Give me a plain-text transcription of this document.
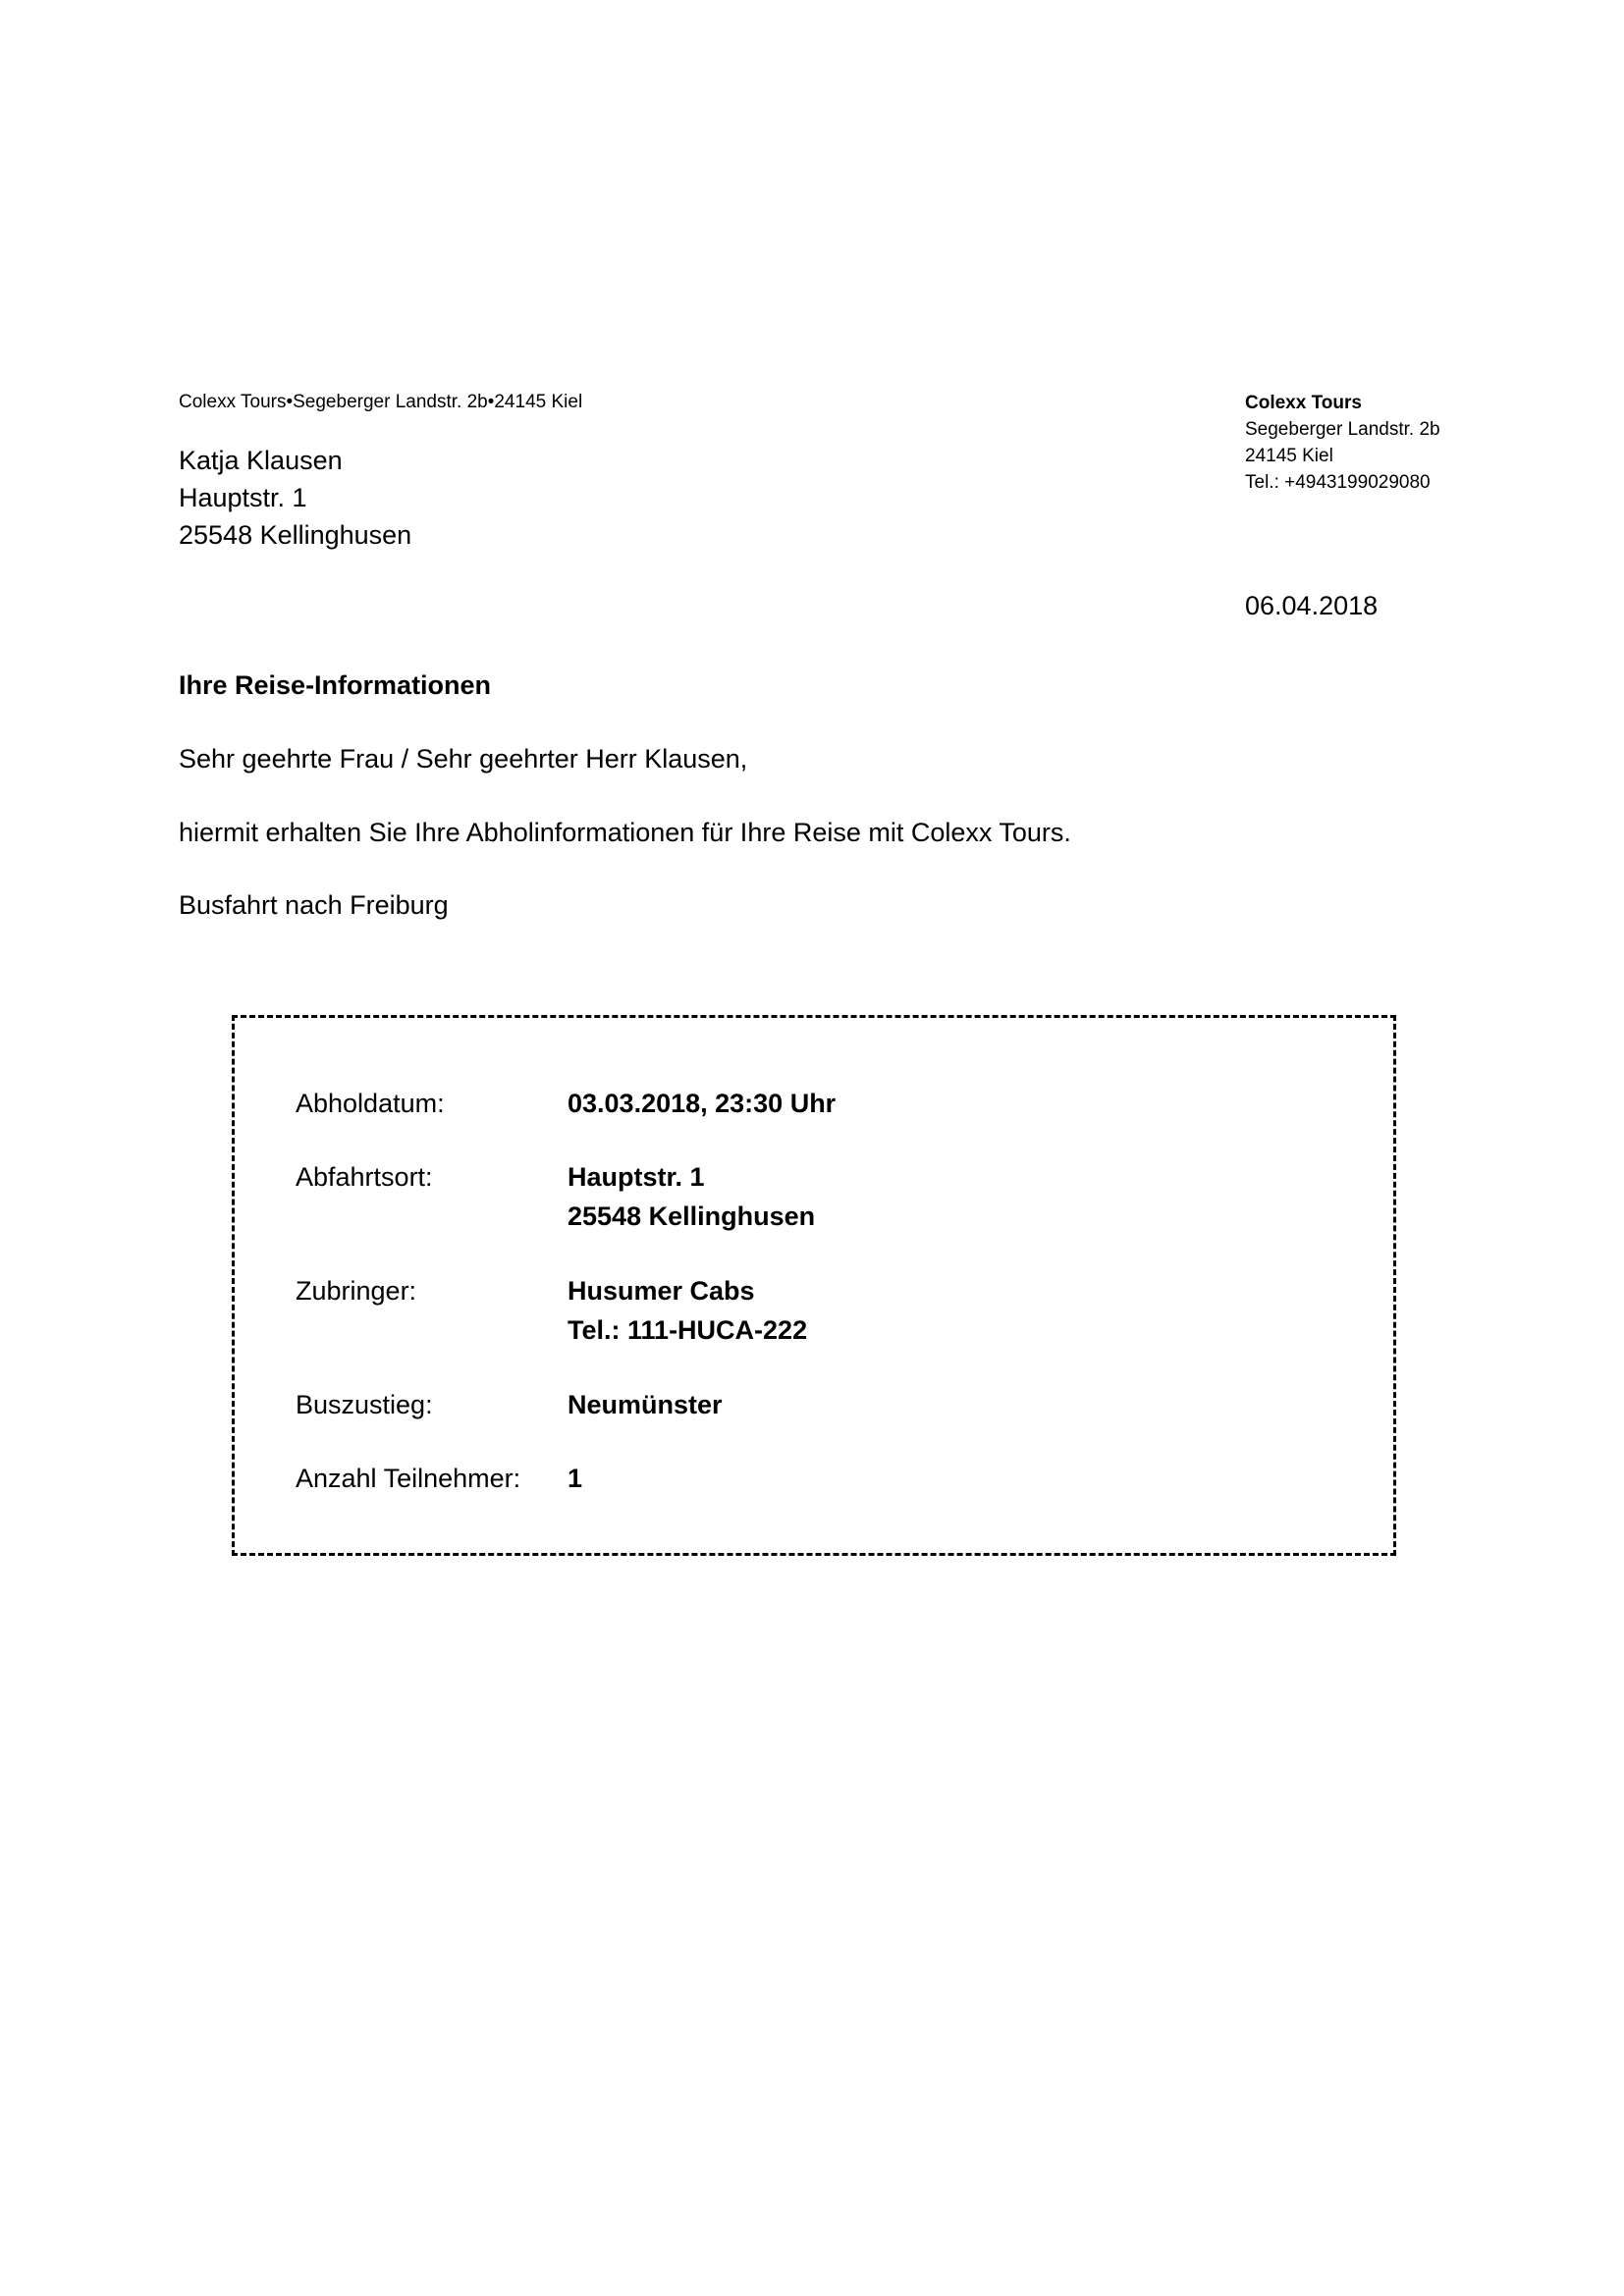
Colexx Tours•Segeberger Landstr. 2b•24145 Kiel
Katja Klausen
Hauptstr. 1
25548 Kellinghusen
Colexx Tours
Segeberger Landstr. 2b
24145 Kiel
Tel.: +4943199029080
06.04.2018
Ihre Reise-Informationen
Sehr geehrte Frau / Sehr geehrter Herr Klausen,
hiermit erhalten Sie Ihre Abholinformationen für Ihre Reise mit Colexx Tours.
Busfahrt nach Freiburg
Abholdatum:	03.03.2018, 23:30 Uhr
Abfahrtsort:	Hauptstr. 1
25548 Kellinghusen
Zubringer:	Husumer Cabs
Tel.: 111-HUCA-222
Buszustieg:	Neumünster
Anzahl Teilnehmer:	1
